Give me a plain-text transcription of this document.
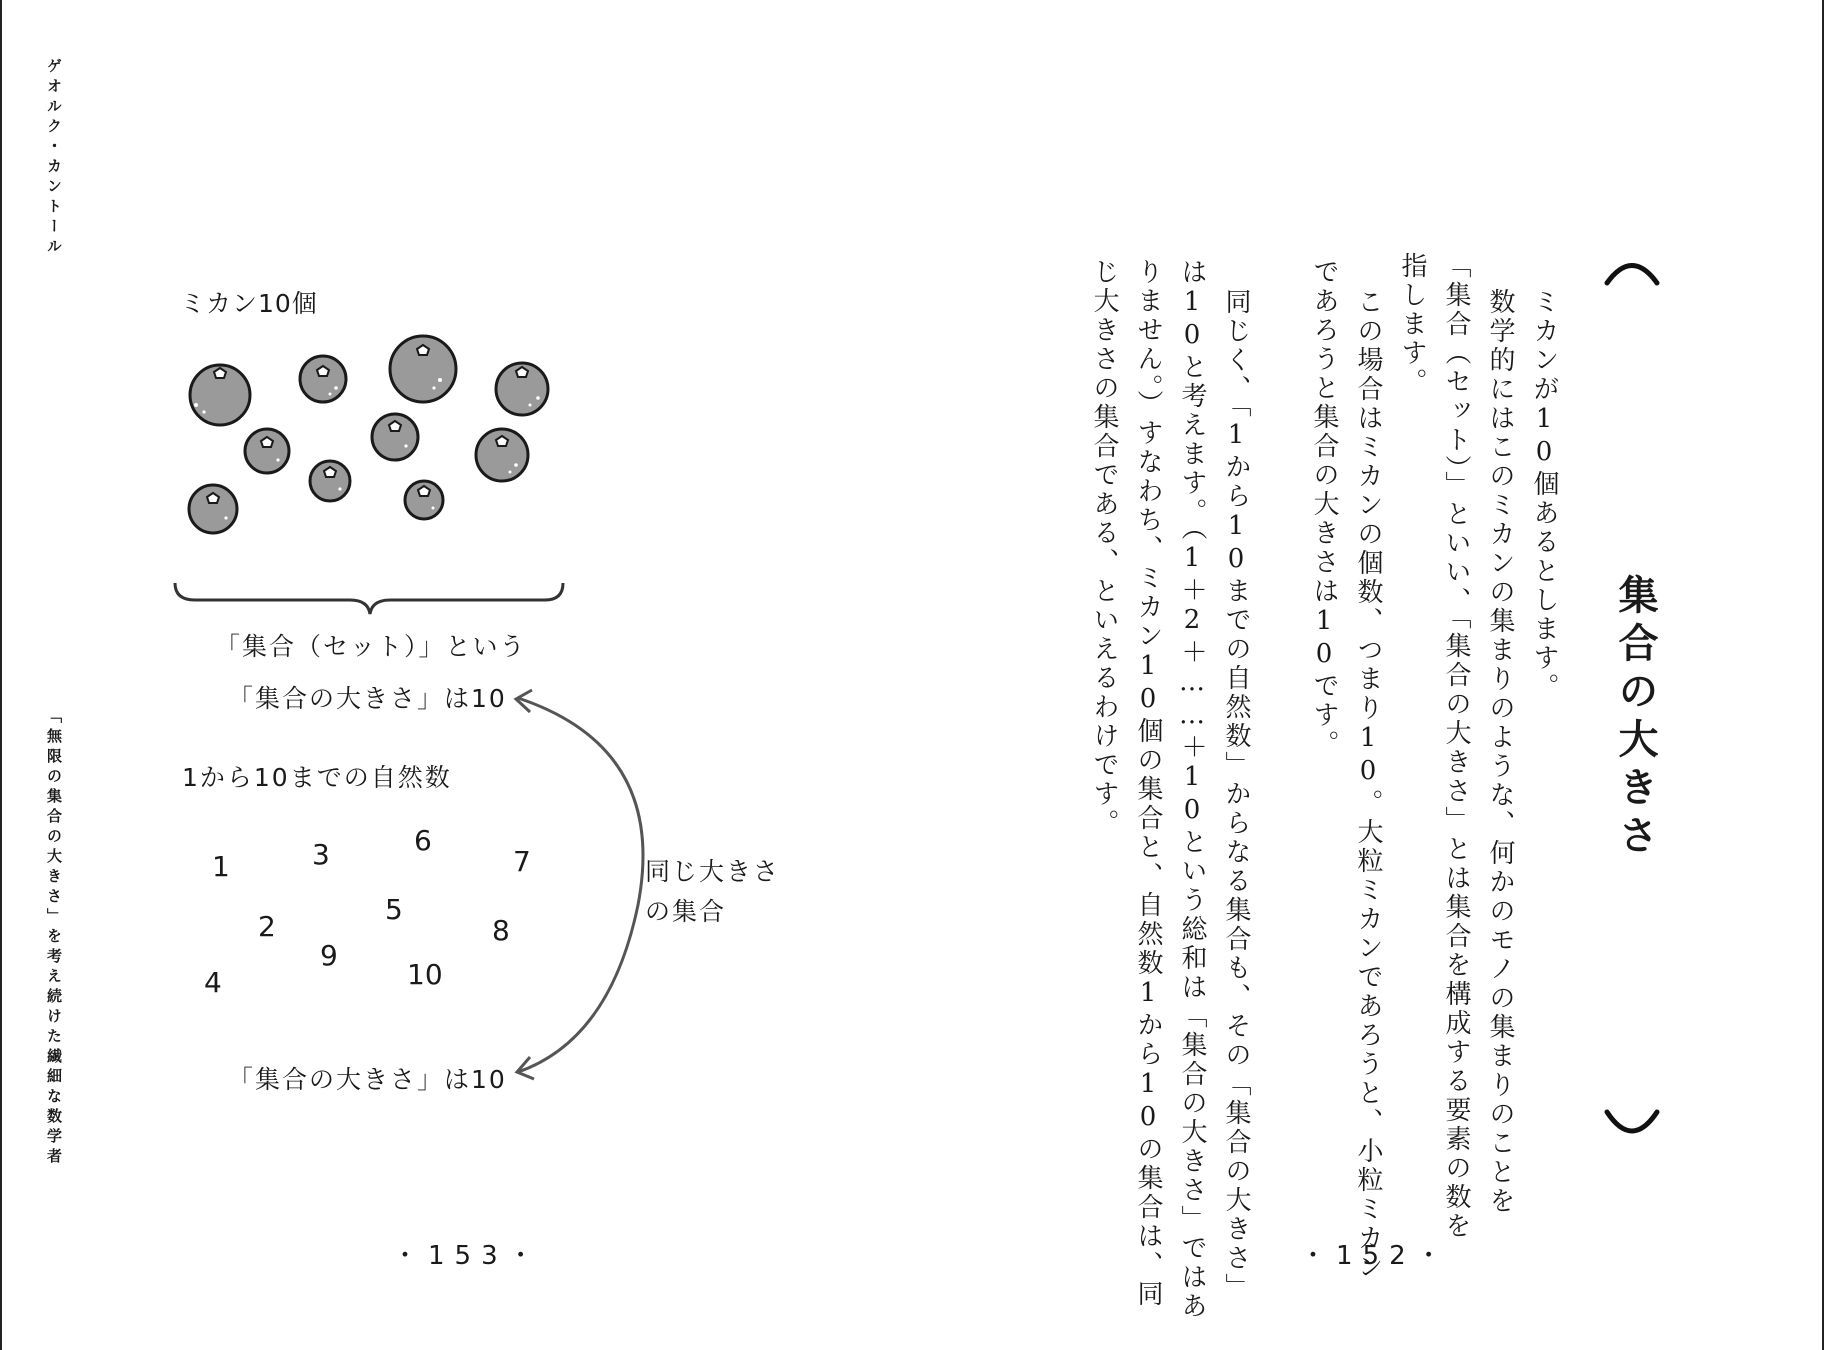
ゲオルク・カントール
「無限の集合の大きさ」を考え続けた繊細な数学者
ミカン10個
「集合（セット）」という
「集合の大きさ」は10
1から10までの自然数
1
2
3
4
5
6
7
8
9
10
同じ大きさ
の集合
「集合の大きさ」は10
集合の大きさ
ミカンが10個あるとします。
数学的にはこのミカンの集まりのような、何かのモノの集まりのことを
「集合（セット）」といい、「集合の大きさ」とは集合を構成する要素の数を
指します。
この場合はミカンの個数、つまり10。大粒ミカンであろうと、小粒ミカン
であろうと集合の大きさは10です。
同じく、「1から10までの自然数」からなる集合も、その「集合の大きさ」
は10と考えます。（1＋2＋……＋10という総和は「集合の大きさ」ではあ
りません。）すなわち、ミカン10個の集合と、自然数1から10の集合は、同
じ大きさの集合である、といえるわけです。
・153・	・152・
